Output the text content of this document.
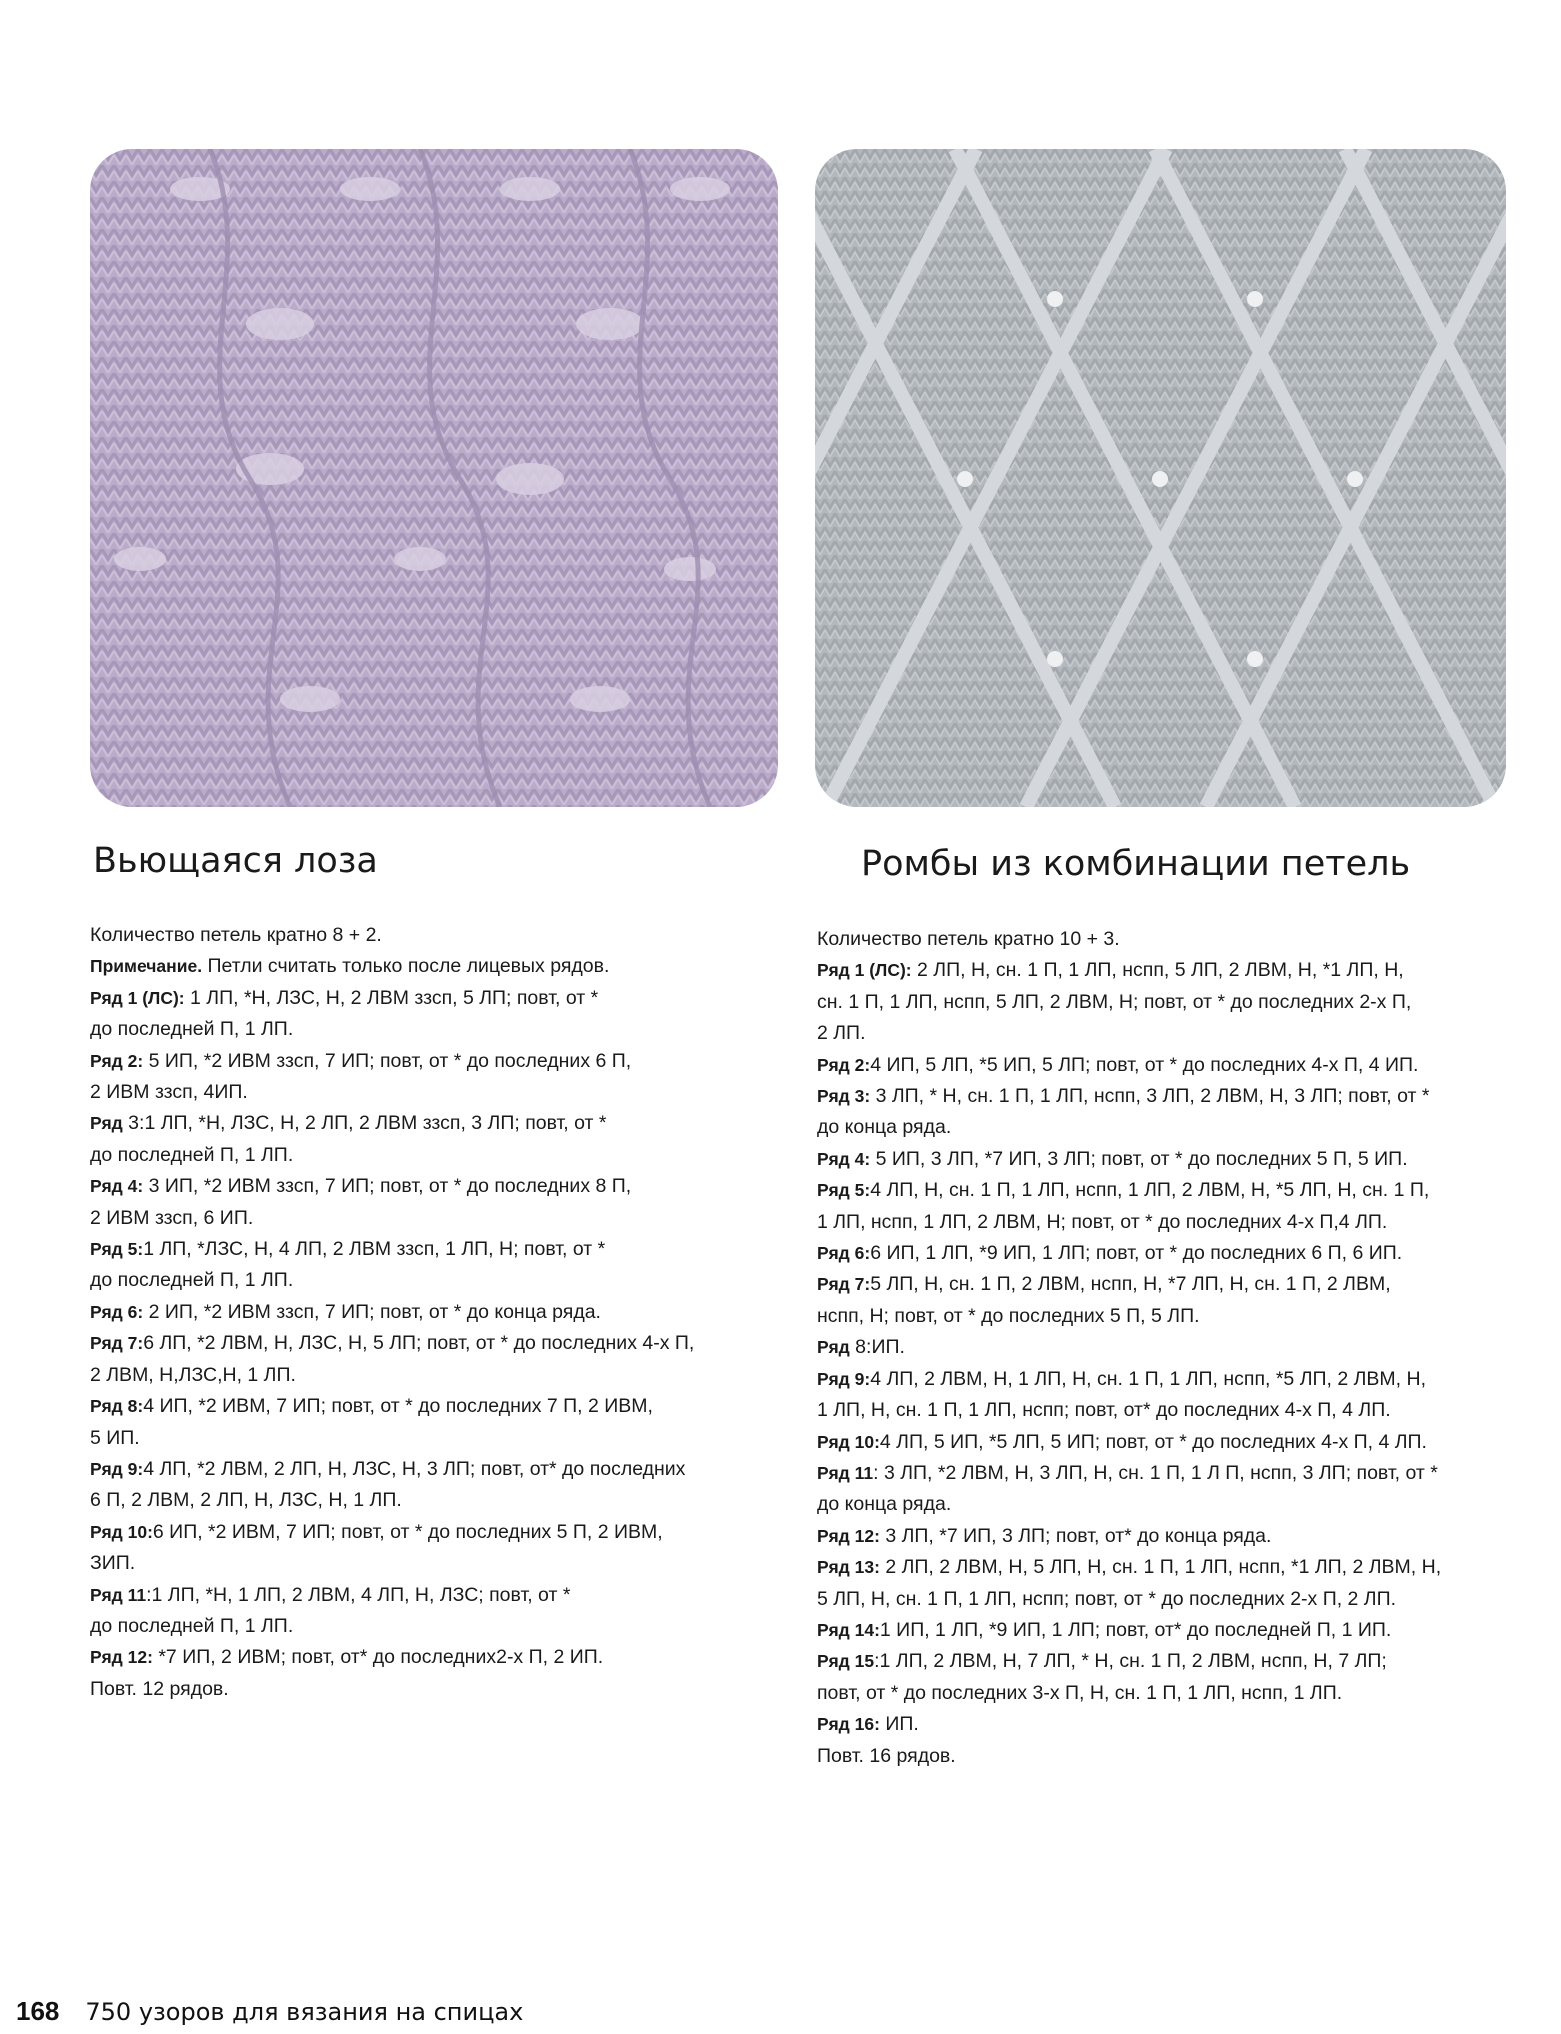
Вьющаяся лоза	Ромбы из комбинации петель
Количество петель кратно 8 + 2.
Примечание. Петли считать только после лицевых рядов.
Ряд 1 (ЛС): 1 ЛП, *Н, ЛЗС, Н, 2 ЛВМ ззсп, 5 ЛП; повт, от *
до последней П, 1 ЛП.
Ряд 2: 5 ИП, *2 ИВМ ззсп, 7 ИП; повт, от * до последних 6 П,
2 ИВМ ззсп, 4ИП.
Ряд 3:1 ЛП, *Н, ЛЗС, Н, 2 ЛП, 2 ЛВМ ззсп, 3 ЛП; повт, от *
до последней П, 1 ЛП.
Ряд 4: 3 ИП, *2 ИВМ ззсп, 7 ИП; повт, от * до последних 8 П,
2 ИВМ ззсп, 6 ИП.
Ряд 5:1 ЛП, *ЛЗС, Н, 4 ЛП, 2 ЛВМ ззсп, 1 ЛП, Н; повт, от *
до последней П, 1 ЛП.
Ряд 6: 2 ИП, *2 ИВМ ззсп, 7 ИП; повт, от * до конца ряда.
Ряд 7:6 ЛП, *2 ЛВМ, Н, ЛЗС, Н, 5 ЛП; повт, от * до последних 4-х П,
2 ЛВМ, Н,ЛЗС,Н, 1 ЛП.
Ряд 8:4 ИП, *2 ИВМ, 7 ИП; повт, от * до последних 7 П, 2 ИВМ,
5 ИП.
Ряд 9:4 ЛП, *2 ЛВМ, 2 ЛП, Н, ЛЗС, Н, 3 ЛП; повт, от* до последних
6 П, 2 ЛВМ, 2 ЛП, Н, ЛЗС, Н, 1 ЛП.
Ряд 10:6 ИП, *2 ИВМ, 7 ИП; повт, от * до последних 5 П, 2 ИВМ,
ЗИП.
Ряд 11:1 ЛП, *Н, 1 ЛП, 2 ЛВМ, 4 ЛП, Н, ЛЗС; повт, от *
до последней П, 1 ЛП.
Ряд 12: *7 ИП, 2 ИВМ; повт, от* до последних2-х П, 2 ИП.
Повт. 12 рядов.
Количество петель кратно 10 + 3.
Ряд 1 (ЛС): 2 ЛП, Н, сн. 1 П, 1 ЛП, нспп, 5 ЛП, 2 ЛВМ, Н, *1 ЛП, Н,
сн. 1 П, 1 ЛП, нспп, 5 ЛП, 2 ЛВМ, Н; повт, от * до последних 2-х П,
2 ЛП.
Ряд 2:4 ИП, 5 ЛП, *5 ИП, 5 ЛП; повт, от * до последних 4-х П, 4 ИП.
Ряд 3: 3 ЛП, * Н, сн. 1 П, 1 ЛП, нспп, 3 ЛП, 2 ЛВМ, Н, 3 ЛП; повт, от *
до конца ряда.
Ряд 4: 5 ИП, 3 ЛП, *7 ИП, 3 ЛП; повт, от * до последних 5 П, 5 ИП.
Ряд 5:4 ЛП, Н, сн. 1 П, 1 ЛП, нспп, 1 ЛП, 2 ЛВМ, Н, *5 ЛП, Н, сн. 1 П,
1 ЛП, нспп, 1 ЛП, 2 ЛВМ, Н; повт, от * до последних 4-х П,4 ЛП.
Ряд 6:6 ИП, 1 ЛП, *9 ИП, 1 ЛП; повт, от * до последних 6 П, 6 ИП.
Ряд 7:5 ЛП, Н, сн. 1 П, 2 ЛВМ, нспп, Н, *7 ЛП, Н, сн. 1 П, 2 ЛВМ,
нспп, Н; повт, от * до последних 5 П, 5 ЛП.
Ряд 8:ИП.
Ряд 9:4 ЛП, 2 ЛВМ, Н, 1 ЛП, Н, сн. 1 П, 1 ЛП, нспп, *5 ЛП, 2 ЛВМ, Н,
1 ЛП, Н, сн. 1 П, 1 ЛП, нспп; повт, от* до последних 4-х П, 4 ЛП.
Ряд 10:4 ЛП, 5 ИП, *5 ЛП, 5 ИП; повт, от * до последних 4-х П, 4 ЛП.
Ряд 11: 3 ЛП, *2 ЛВМ, Н, 3 ЛП, Н, сн. 1 П, 1 Л П, нспп, 3 ЛП; повт, от *
до конца ряда.
Ряд 12: 3 ЛП, *7 ИП, 3 ЛП; повт, от* до конца ряда.
Ряд 13: 2 ЛП, 2 ЛВМ, Н, 5 ЛП, Н, сн. 1 П, 1 ЛП, нспп, *1 ЛП, 2 ЛВМ, Н,
5 ЛП, Н, сн. 1 П, 1 ЛП, нспп; повт, от * до последних 2-х П, 2 ЛП.
Ряд 14:1 ИП, 1 ЛП, *9 ИП, 1 ЛП; повт, от* до последней П, 1 ИП.
Ряд 15:1 ЛП, 2 ЛВМ, Н, 7 ЛП, * Н, сн. 1 П, 2 ЛВМ, нспп, Н, 7 ЛП;
повт, от * до последних 3-х П, Н, сн. 1 П, 1 ЛП, нспп, 1 ЛП.
Ряд 16: ИП.
Повт. 16 рядов.
168 750 узоров для вязания на спицах
